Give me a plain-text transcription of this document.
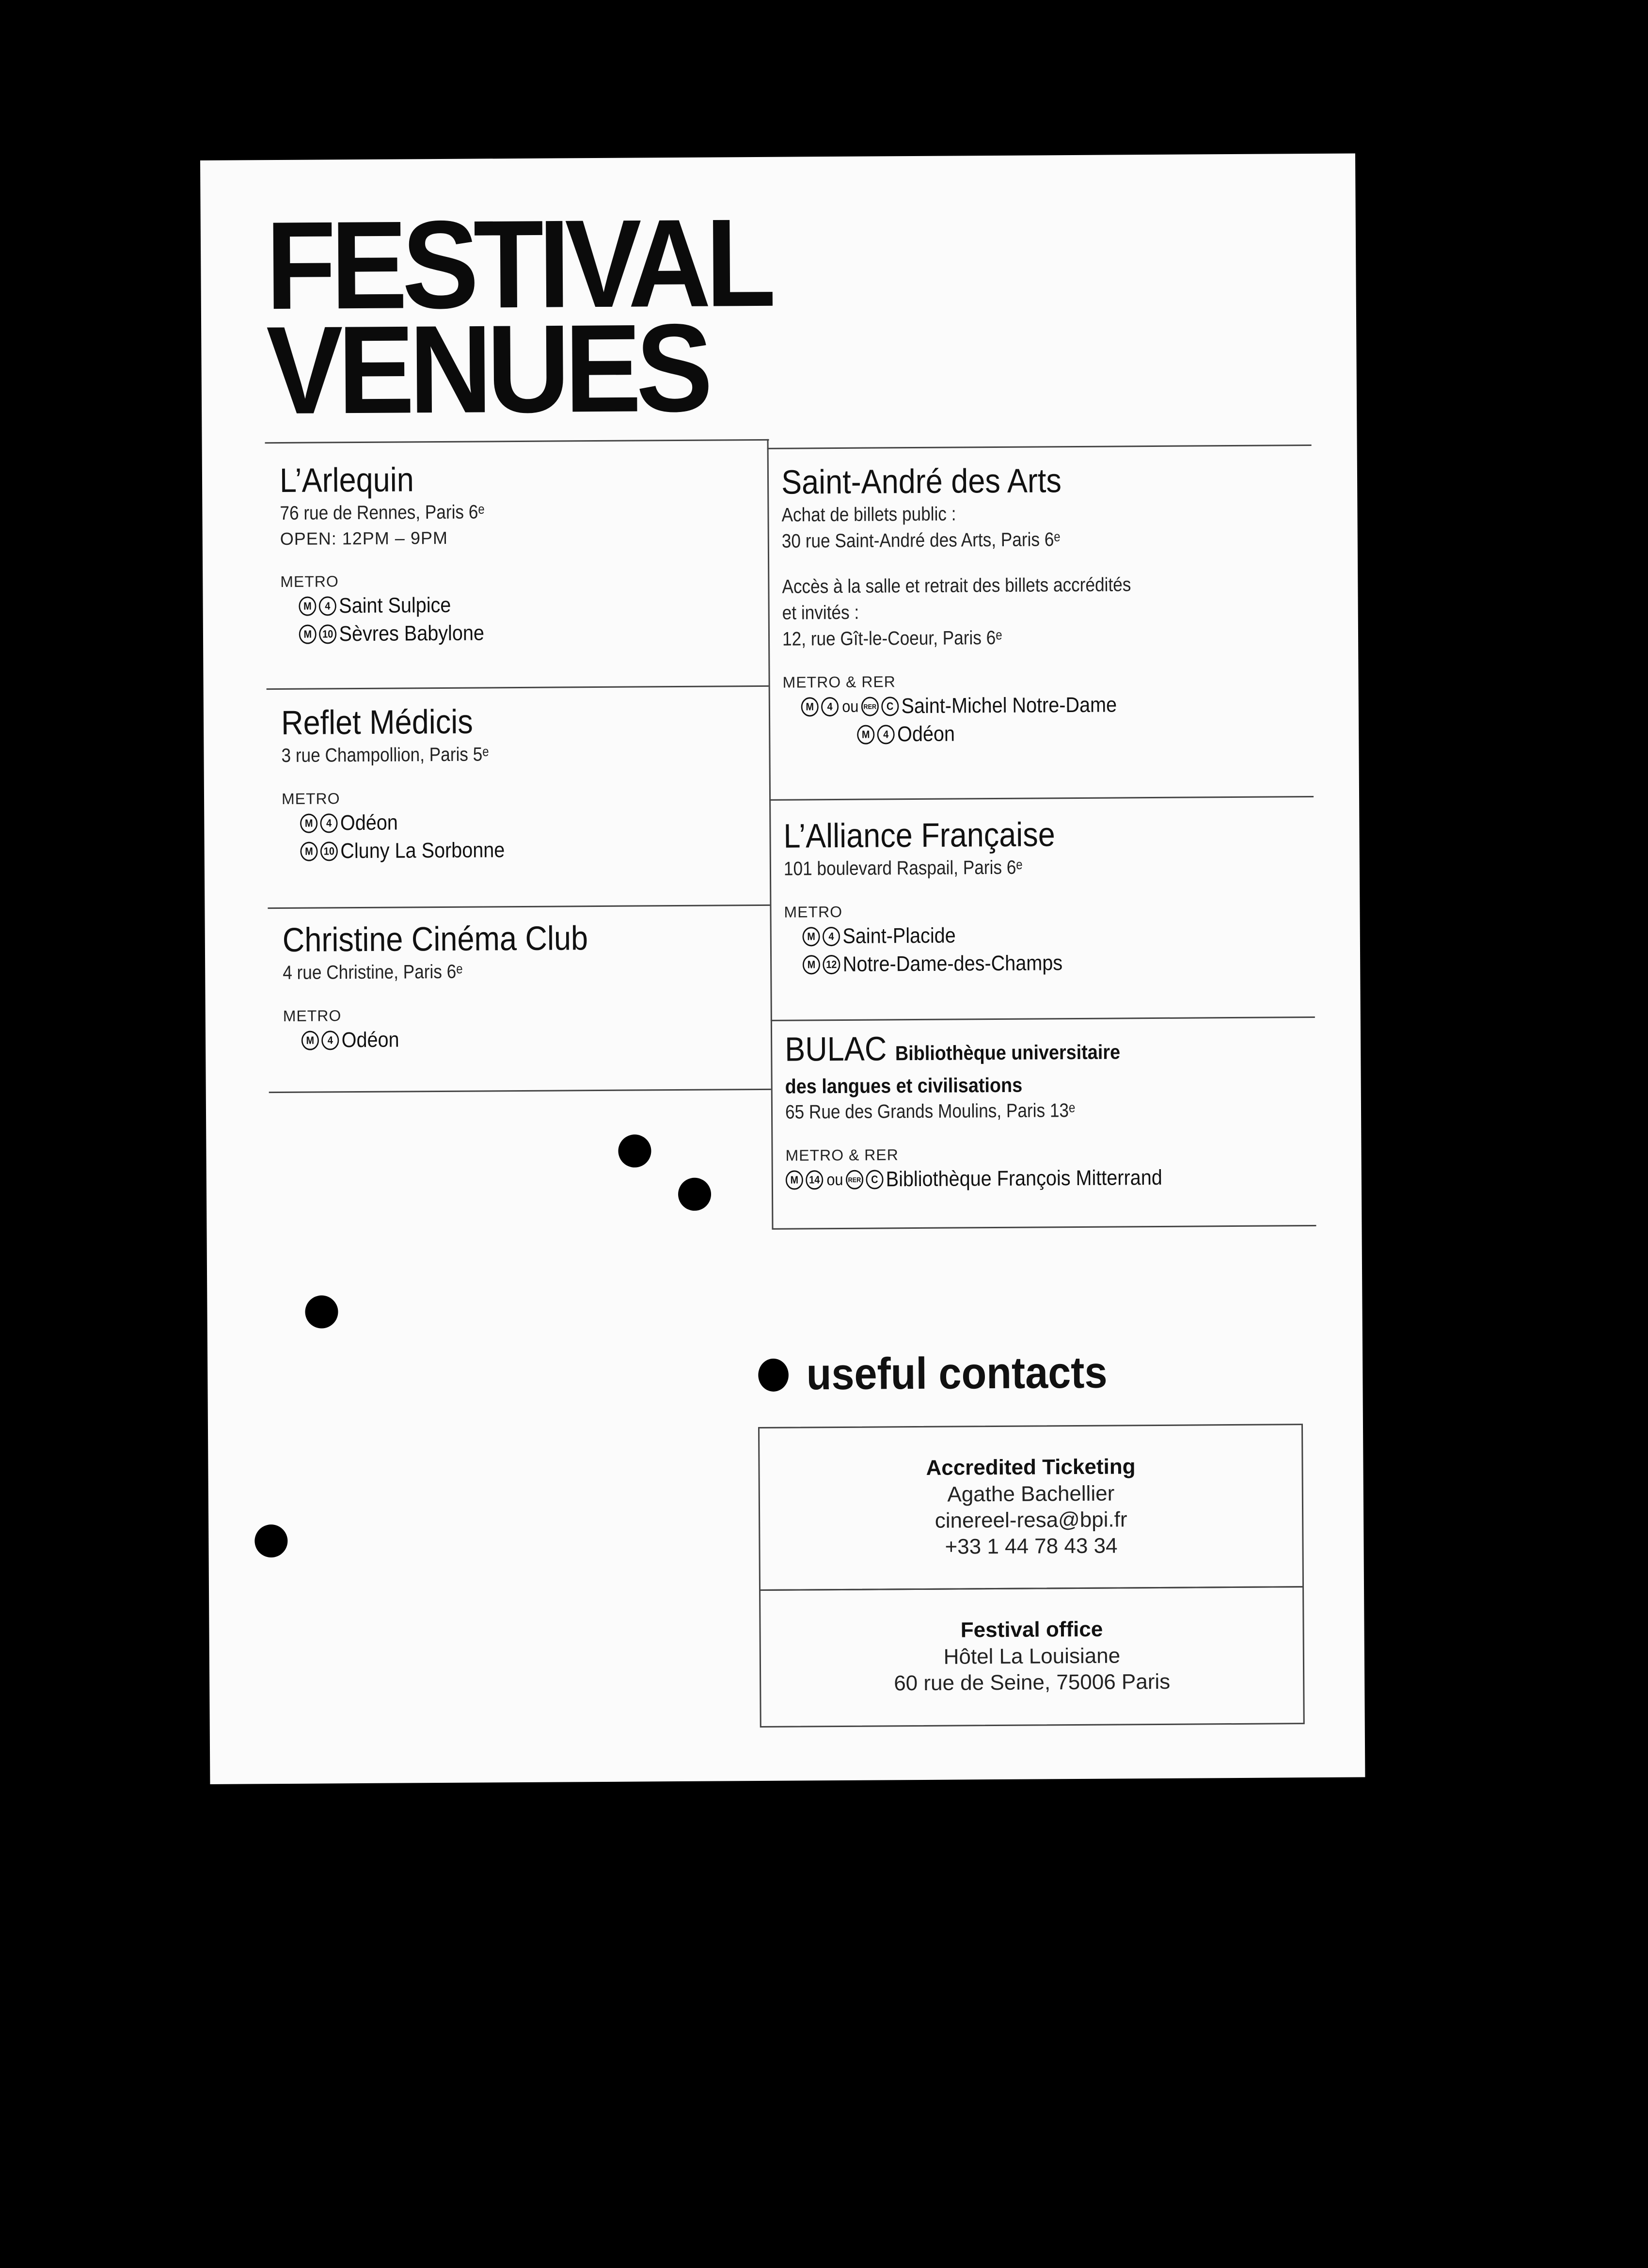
FESTIVAL
VENUES
L’Arlequin
76 rue de Rennes, Paris 6ᵉ
OPEN: 12PM – 9PM
METRO
M	4 Saint Sulpice
M 10 Sèvres Babylone
Reflet Médicis
3 rue Champollion, Paris 5ᵉ
METRO
M	4 Odéon
M 10 Cluny La Sorbonne
Christine Cinéma Club
4 rue Christine, Paris 6ᵉ
METRO
M	4 Odéon
Saint-André des Arts
Achat de billets public :
30 rue Saint-André des Arts, Paris 6ᵉ
Accès à la salle et retrait des billets accrédités
et invités :
12, rue Gît-le-Coeur, Paris 6ᵉ
METRO & RER
M	4 ou RER C Saint-Michel Notre-Dame
M	4 Odéon
L’Alliance Française
101 boulevard Raspail, Paris 6ᵉ
METRO
M	4 Saint-Placide
M 12 Notre-Dame-des-Champs
BULAC Bibliothèque universitaire
des langues et civilisations
65 Rue des Grands Moulins, Paris 13ᵉ
METRO & RER
M 14 ou RER C Bibliothèque François Mitterrand
useful contacts
Accredited Ticketing
Agathe Bachellier
cinereel-resa@bpi.fr
+33 1 44 78 43 34
Festival office
Hôtel La Louisiane
60 rue de Seine, 75006 Paris
